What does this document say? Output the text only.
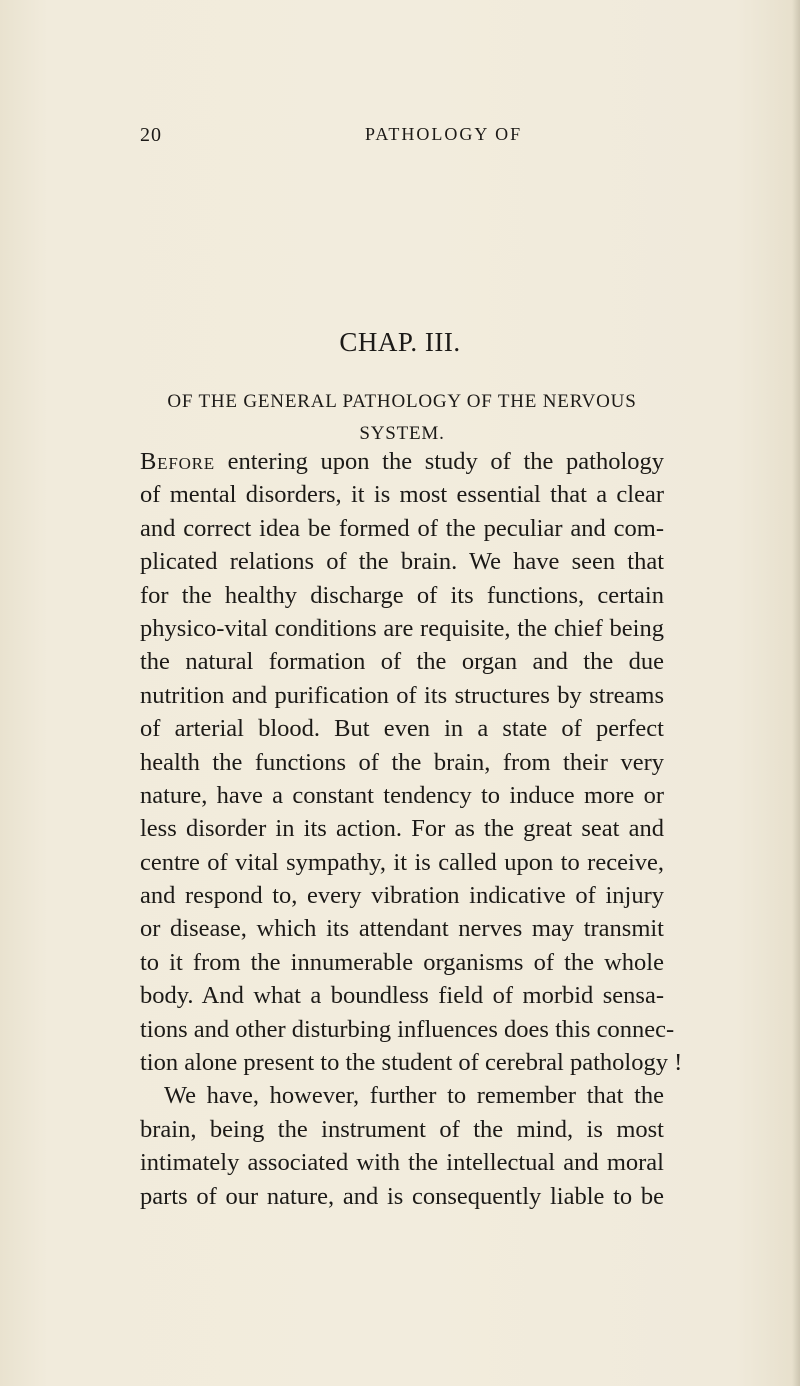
20	PATHOLOGY OF
CHAP. III.
OF THE GENERAL PATHOLOGY OF THE NERVOUS
SYSTEM.
Before entering upon the study of the pathology
of mental disorders, it is most essential that a clear
and correct idea be formed of the peculiar and com-
plicated relations of the brain. We have seen that
for the healthy discharge of its functions, certain
physico-vital conditions are requisite, the chief being
the natural formation of the organ and the due
nutrition and purification of its structures by streams
of arterial blood. But even in a state of perfect
health the functions of the brain, from their very
nature, have a constant tendency to induce more or
less disorder in its action. For as the great seat and
centre of vital sympathy, it is called upon to receive,
and respond to, every vibration indicative of injury
or disease, which its attendant nerves may transmit
to it from the innumerable organisms of the whole
body. And what a boundless field of morbid sensa-
tions and other disturbing influences does this connec-
tion alone present to the student of cerebral pathology !
We have, however, further to remember that the
brain, being the instrument of the mind, is most
intimately associated with the intellectual and moral
parts of our nature, and is consequently liable to be
